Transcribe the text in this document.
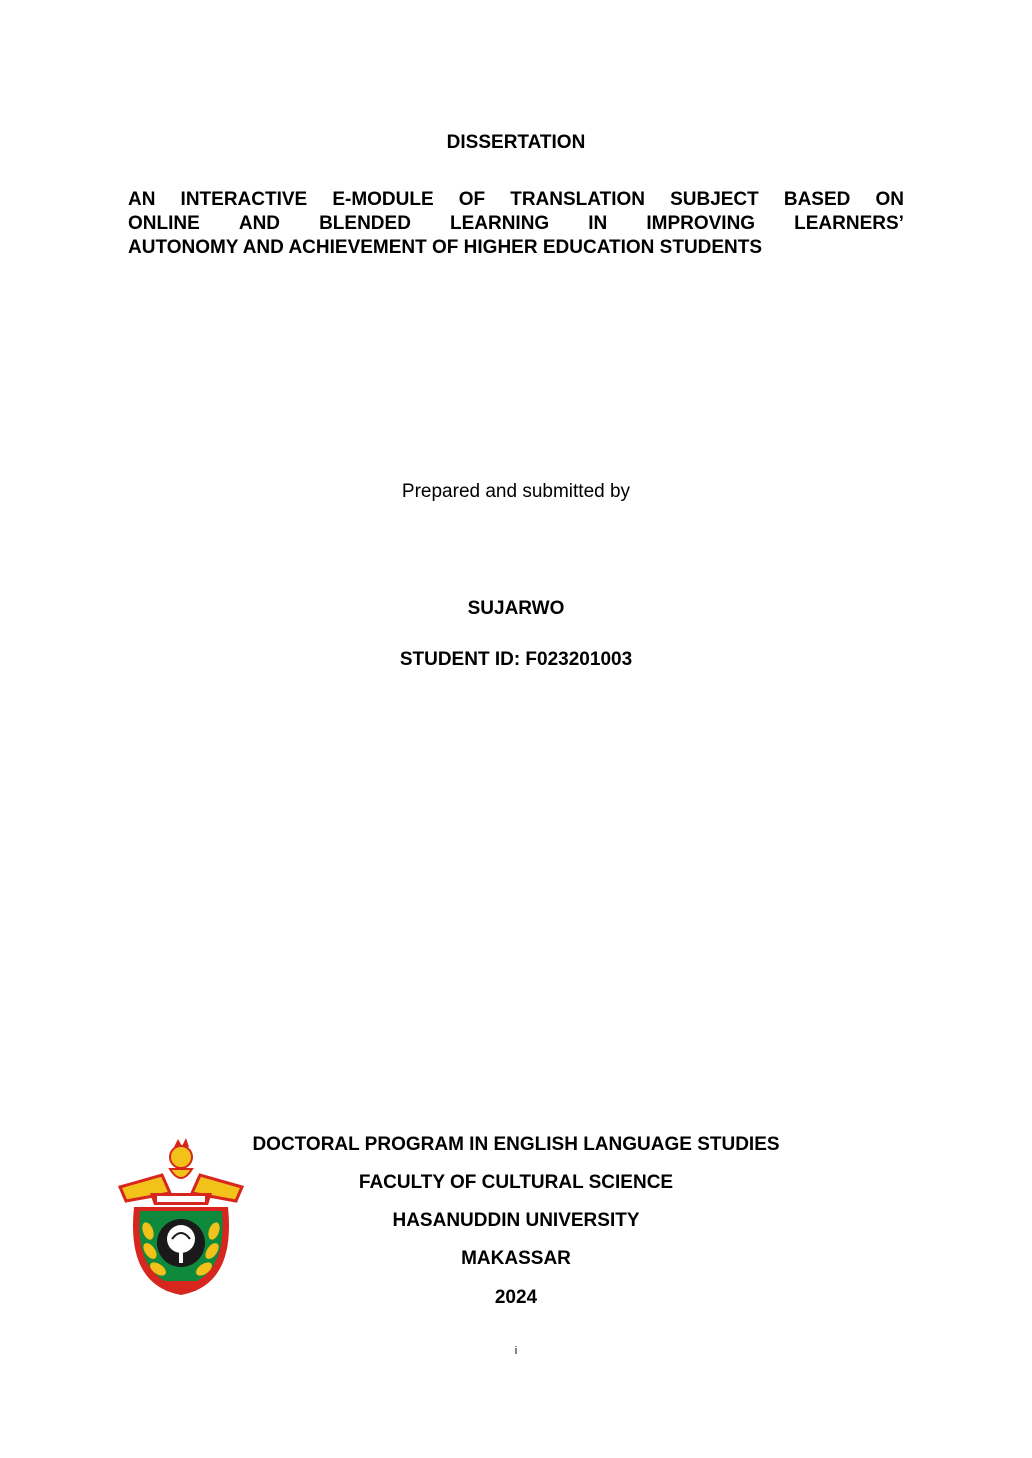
DISSERTATION
AN INTERACTIVE E-MODULE OF TRANSLATION SUBJECT BASED ON
ONLINE AND BLENDED LEARNING IN IMPROVING LEARNERS’
AUTONOMY AND ACHIEVEMENT OF HIGHER EDUCATION STUDENTS
Prepared and submitted by
SUJARWO
STUDENT ID: F023201003
DOCTORAL PROGRAM IN ENGLISH LANGUAGE STUDIES
FACULTY OF CULTURAL SCIENCE
HASANUDDIN UNIVERSITY
MAKASSAR
2024
i
